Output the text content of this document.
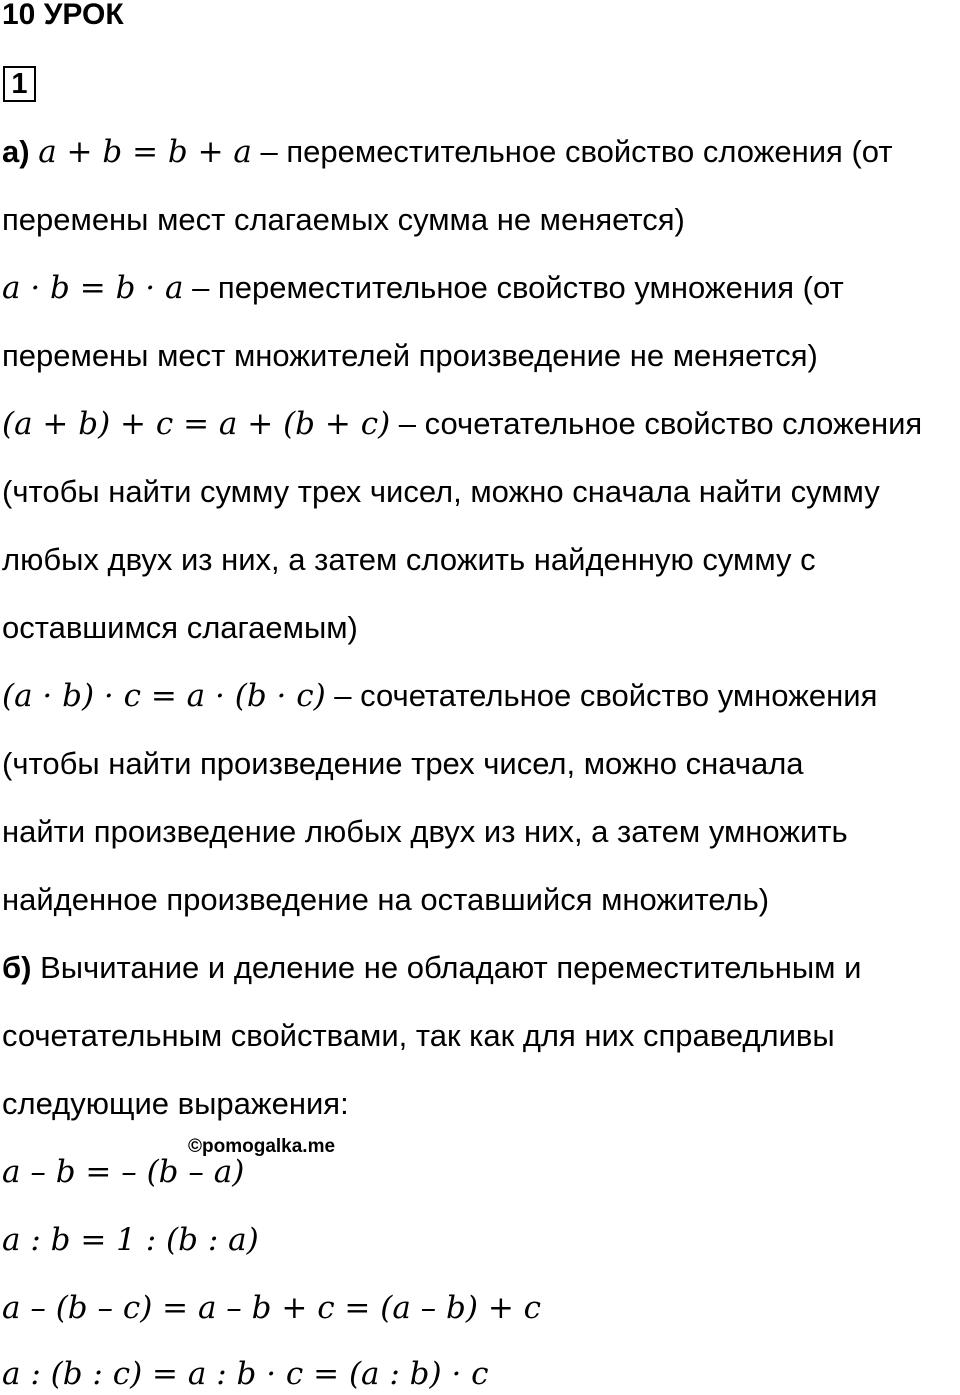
10 УРОК
1
а) a + b = b + a – переместительное свойство сложения (от
перемены мест слагаемых сумма не меняется)
a · b = b · a – переместительное свойство умножения (от
перемены мест множителей произведение не меняется)
(a + b) + c = a + (b + c) – сочетательное свойство сложения
(чтобы найти сумму трех чисел, можно сначала найти сумму
любых двух из них, а затем сложить найденную сумму с
оставшимся слагаемым)
(a · b) · c = a · (b · c) – сочетательное свойство умножения
(чтобы найти произведение трех чисел, можно сначала
найти произведение любых двух из них, а затем умножить
найденное произведение на оставшийся множитель)
б) Вычитание и деление не обладают переместительным и
сочетательным свойствами, так как для них справедливы
следующие выражения:
©pomogalka.me
a – b = – (b – a)
a : b = 1 : (b : a)
a – (b – c) = a – b + c = (a – b) + c
a : (b : c) = a : b · c = (a : b) · c
